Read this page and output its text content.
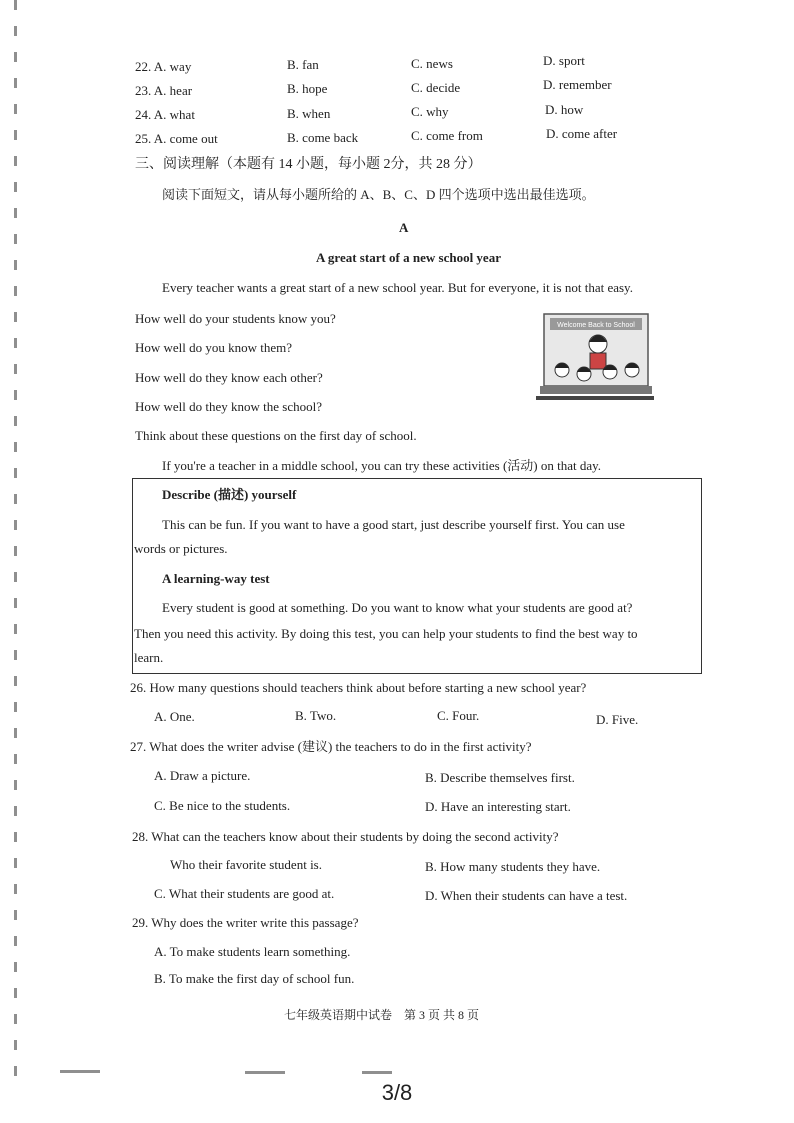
22. A. way	B. fan	C. news	D. sport
23. A. hear	B. hope	C. decide	D. remember
24. A. what	B. when	C. why	D. how
25. A. come out	B. come back	C. come from	D. come after
三、阅读理解（本题有 14 小题，每小题 2分，共 28 分）
阅读下面短文，请从每小题所给的 A、B、C、D 四个选项中选出最佳选项。
A
A great start of a new school year
Every teacher wants a great start of a new school year. But for everyone, it is not that easy.
How well do your students know you?
How well do you know them?
How well do they know each other?
How well do they know the school?
Welcome Back to School
Think about these questions on the first day of school.
If you're a teacher in a middle school, you can try these activities (活动) on that day.
Describe (描述) yourself
This can be fun. If you want to have a good start, just describe yourself first. You can use
words or pictures.
A learning-way test
Every student is good at something. Do you want to know what your students are good at?
Then you need this activity. By doing this test, you can help your students to find the best way to
learn.
26. How many questions should teachers think about before starting a new school year?
A. One.	B. Two.	C. Four.	D. Five.
27. What does the writer advise (建议) the teachers to do in the first activity?
A. Draw a picture.	B. Describe themselves first.
C. Be nice to the students.	D. Have an interesting start.
28. What can the teachers know about their students by doing the second activity?
Who their favorite student is.	B. How many students they have.
C. What their students are good at.	D. When their students can have a test.
29. Why does the writer write this passage?
A. To make students learn something.
B. To make the first day of school fun.
七年级英语期中试卷　第 3 页 共 8 页
3/8
